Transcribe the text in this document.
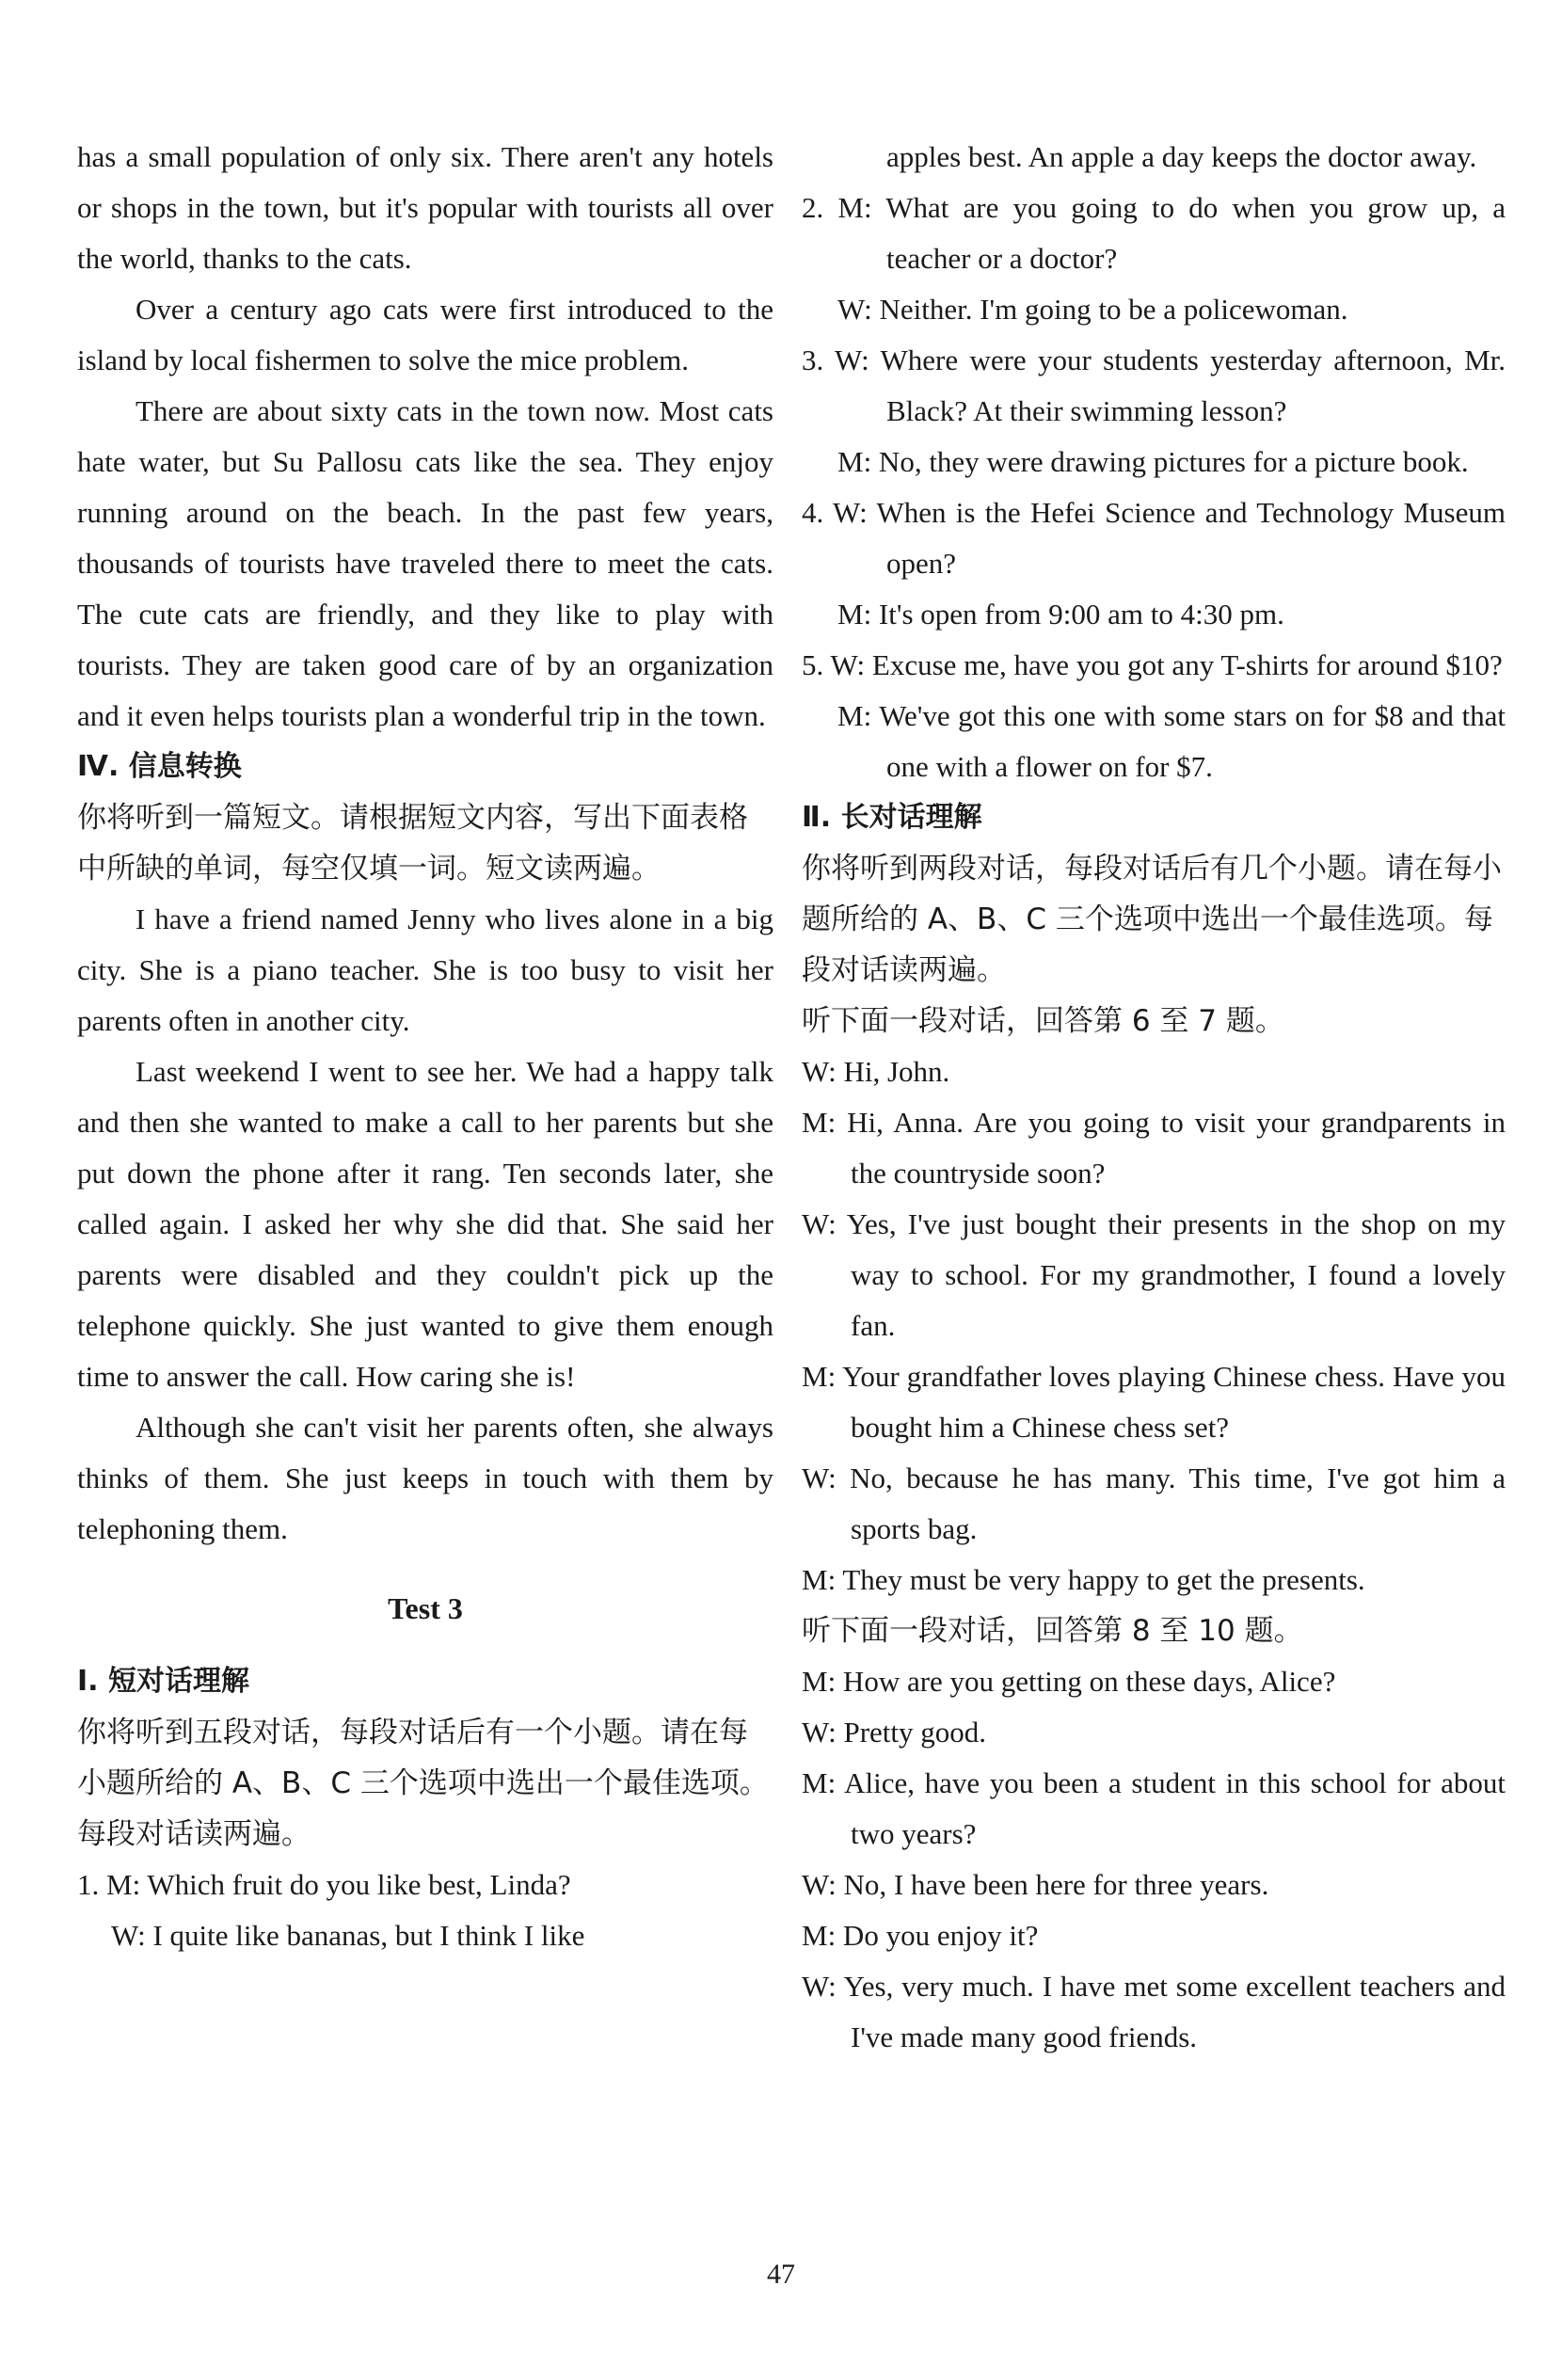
has a small population of only six. There aren't any hotels or shops in the town, but it's popular with tourists all over the world, thanks to the cats.

Over a century ago cats were first introduced to the island by local fishermen to solve the mice problem.

There are about sixty cats in the town now. Most cats hate water, but Su Pallosu cats like the sea. They enjoy running around on the beach. In the past few years, thousands of tourists have traveled there to meet the cats. The cute cats are friendly, and they like to play with tourists. They are taken good care of by an organization and it even helps tourists plan a wonderful trip in the town.

Ⅳ. 信息转换

你将听到一篇短文。请根据短文内容，写出下面表格中所缺的单词，每空仅填一词。短文读两遍。

I have a friend named Jenny who lives alone in a big city. She is a piano teacher. She is too busy to visit her parents often in another city.

Last weekend I went to see her. We had a happy talk and then she wanted to make a call to her parents but she put down the phone after it rang. Ten seconds later, she called again. I asked her why she did that. She said her parents were disabled and they couldn't pick up the telephone quickly. She just wanted to give them enough time to answer the call. How caring she is!

Although she can't visit her parents often, she always thinks of them. She just keeps in touch with them by telephoning them.

Test 3

Ⅰ. 短对话理解

你将听到五段对话，每段对话后有一个小题。请在每小题所给的 A、B、C 三个选项中选出一个最佳选项。每段对话读两遍。

1. M: Which fruit do you like best, Linda?

W: I quite like bananas, but I think I like

apples best. An apple a day keeps the doctor away.

2. M: What are you going to do when you grow up, a teacher or a doctor?

W: Neither. I'm going to be a policewoman.

3. W: Where were your students yesterday afternoon, Mr. Black? At their swimming lesson?

M: No, they were drawing pictures for a picture book.

4. W: When is the Hefei Science and Technology Museum open?

M: It's open from 9:00 am to 4:30 pm.

5. W: Excuse me, have you got any T-shirts for around $10?

M: We've got this one with some stars on for $8 and that one with a flower on for $7.

Ⅱ. 长对话理解

你将听到两段对话，每段对话后有几个小题。请在每小题所给的 A、B、C 三个选项中选出一个最佳选项。每段对话读两遍。

听下面一段对话，回答第 6 至 7 题。

W: Hi, John.

M: Hi, Anna. Are you going to visit your grandparents in the countryside soon?

W: Yes, I've just bought their presents in the shop on my way to school. For my grandmother, I found a lovely fan.

M: Your grandfather loves playing Chinese chess. Have you bought him a Chinese chess set?

W: No, because he has many. This time, I've got him a sports bag.

M: They must be very happy to get the presents.

听下面一段对话，回答第 8 至 10 题。

M: How are you getting on these days, Alice?

W: Pretty good.

M: Alice, have you been a student in this school for about two years?

W: No, I have been here for three years.

M: Do you enjoy it?

W: Yes, very much. I have met some excellent teachers and I've made many good friends.

47
